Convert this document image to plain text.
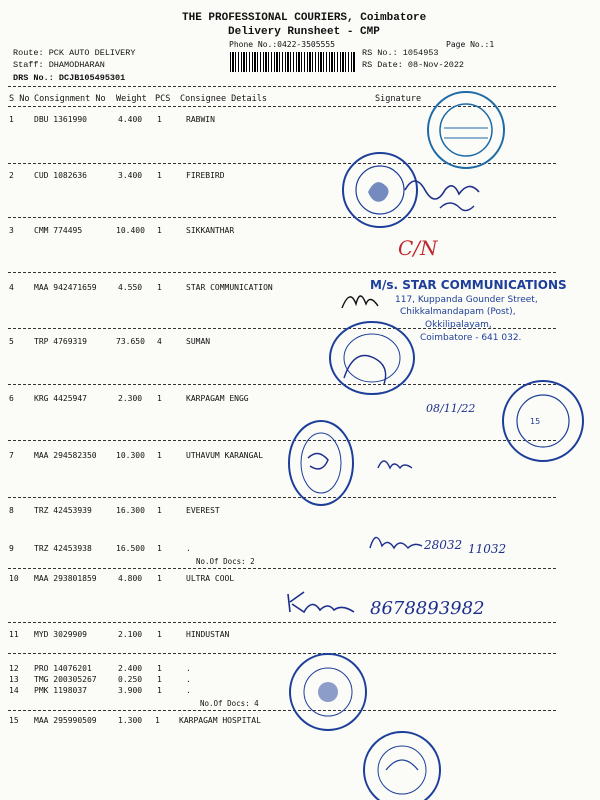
THE PROFESSIONAL COURIERS, Coimbatore
Delivery Runsheet - CMP
Phone No.:0422-3505555	Page No.:1
Route: PCK AUTO DELIVERY
Staff: DHAMODHARAN
DRS No.: DCJB105495301
RS No.: 1054953
RS Date: 08-Nov-2022
S No Consignment No Weight PCS Consignee Details	Signature
1	DBU 1361990	4.400 1	RABWIN
2	CUD 1082636	3.400 1	FIREBIRD
3	CMM 774495	10.400 1	SIKKANTHAR
4	MAA 942471659	4.550 1	STAR COMMUNICATION
5	TRP 4769319	73.650 4	SUMAN
6	KRG 4425947	2.300 1	KARPAGAM ENGG
7	MAA 294582350 10.300 1	UTHAVUM KARANGAL
8	TRZ 42453939	16.300 1	EVEREST
9	TRZ 42453938	16.500 1	.
No.Of Docs: 2
10 MAA 293801859	4.800 1	ULTRA COOL
11 MYD 3029909	2.100 1	HINDUSTAN
12 PRO 14076201	2.400 1	.
13 TMG 200305267	0.250 1	.
14 PMK 1198037	3.900 1	.
No.Of Docs: 4
15 MAA 295990509	1.300 1 KARPAGAM HOSPITAL
C/N
M/s. STAR COMMUNICATIONS
117, Kuppanda Gounder Street,
Chikkalmandapam (Post),
Okkilipalayam,
Coimbatore - 641 032.
15
08/11/22
28032 11032
8678893982
